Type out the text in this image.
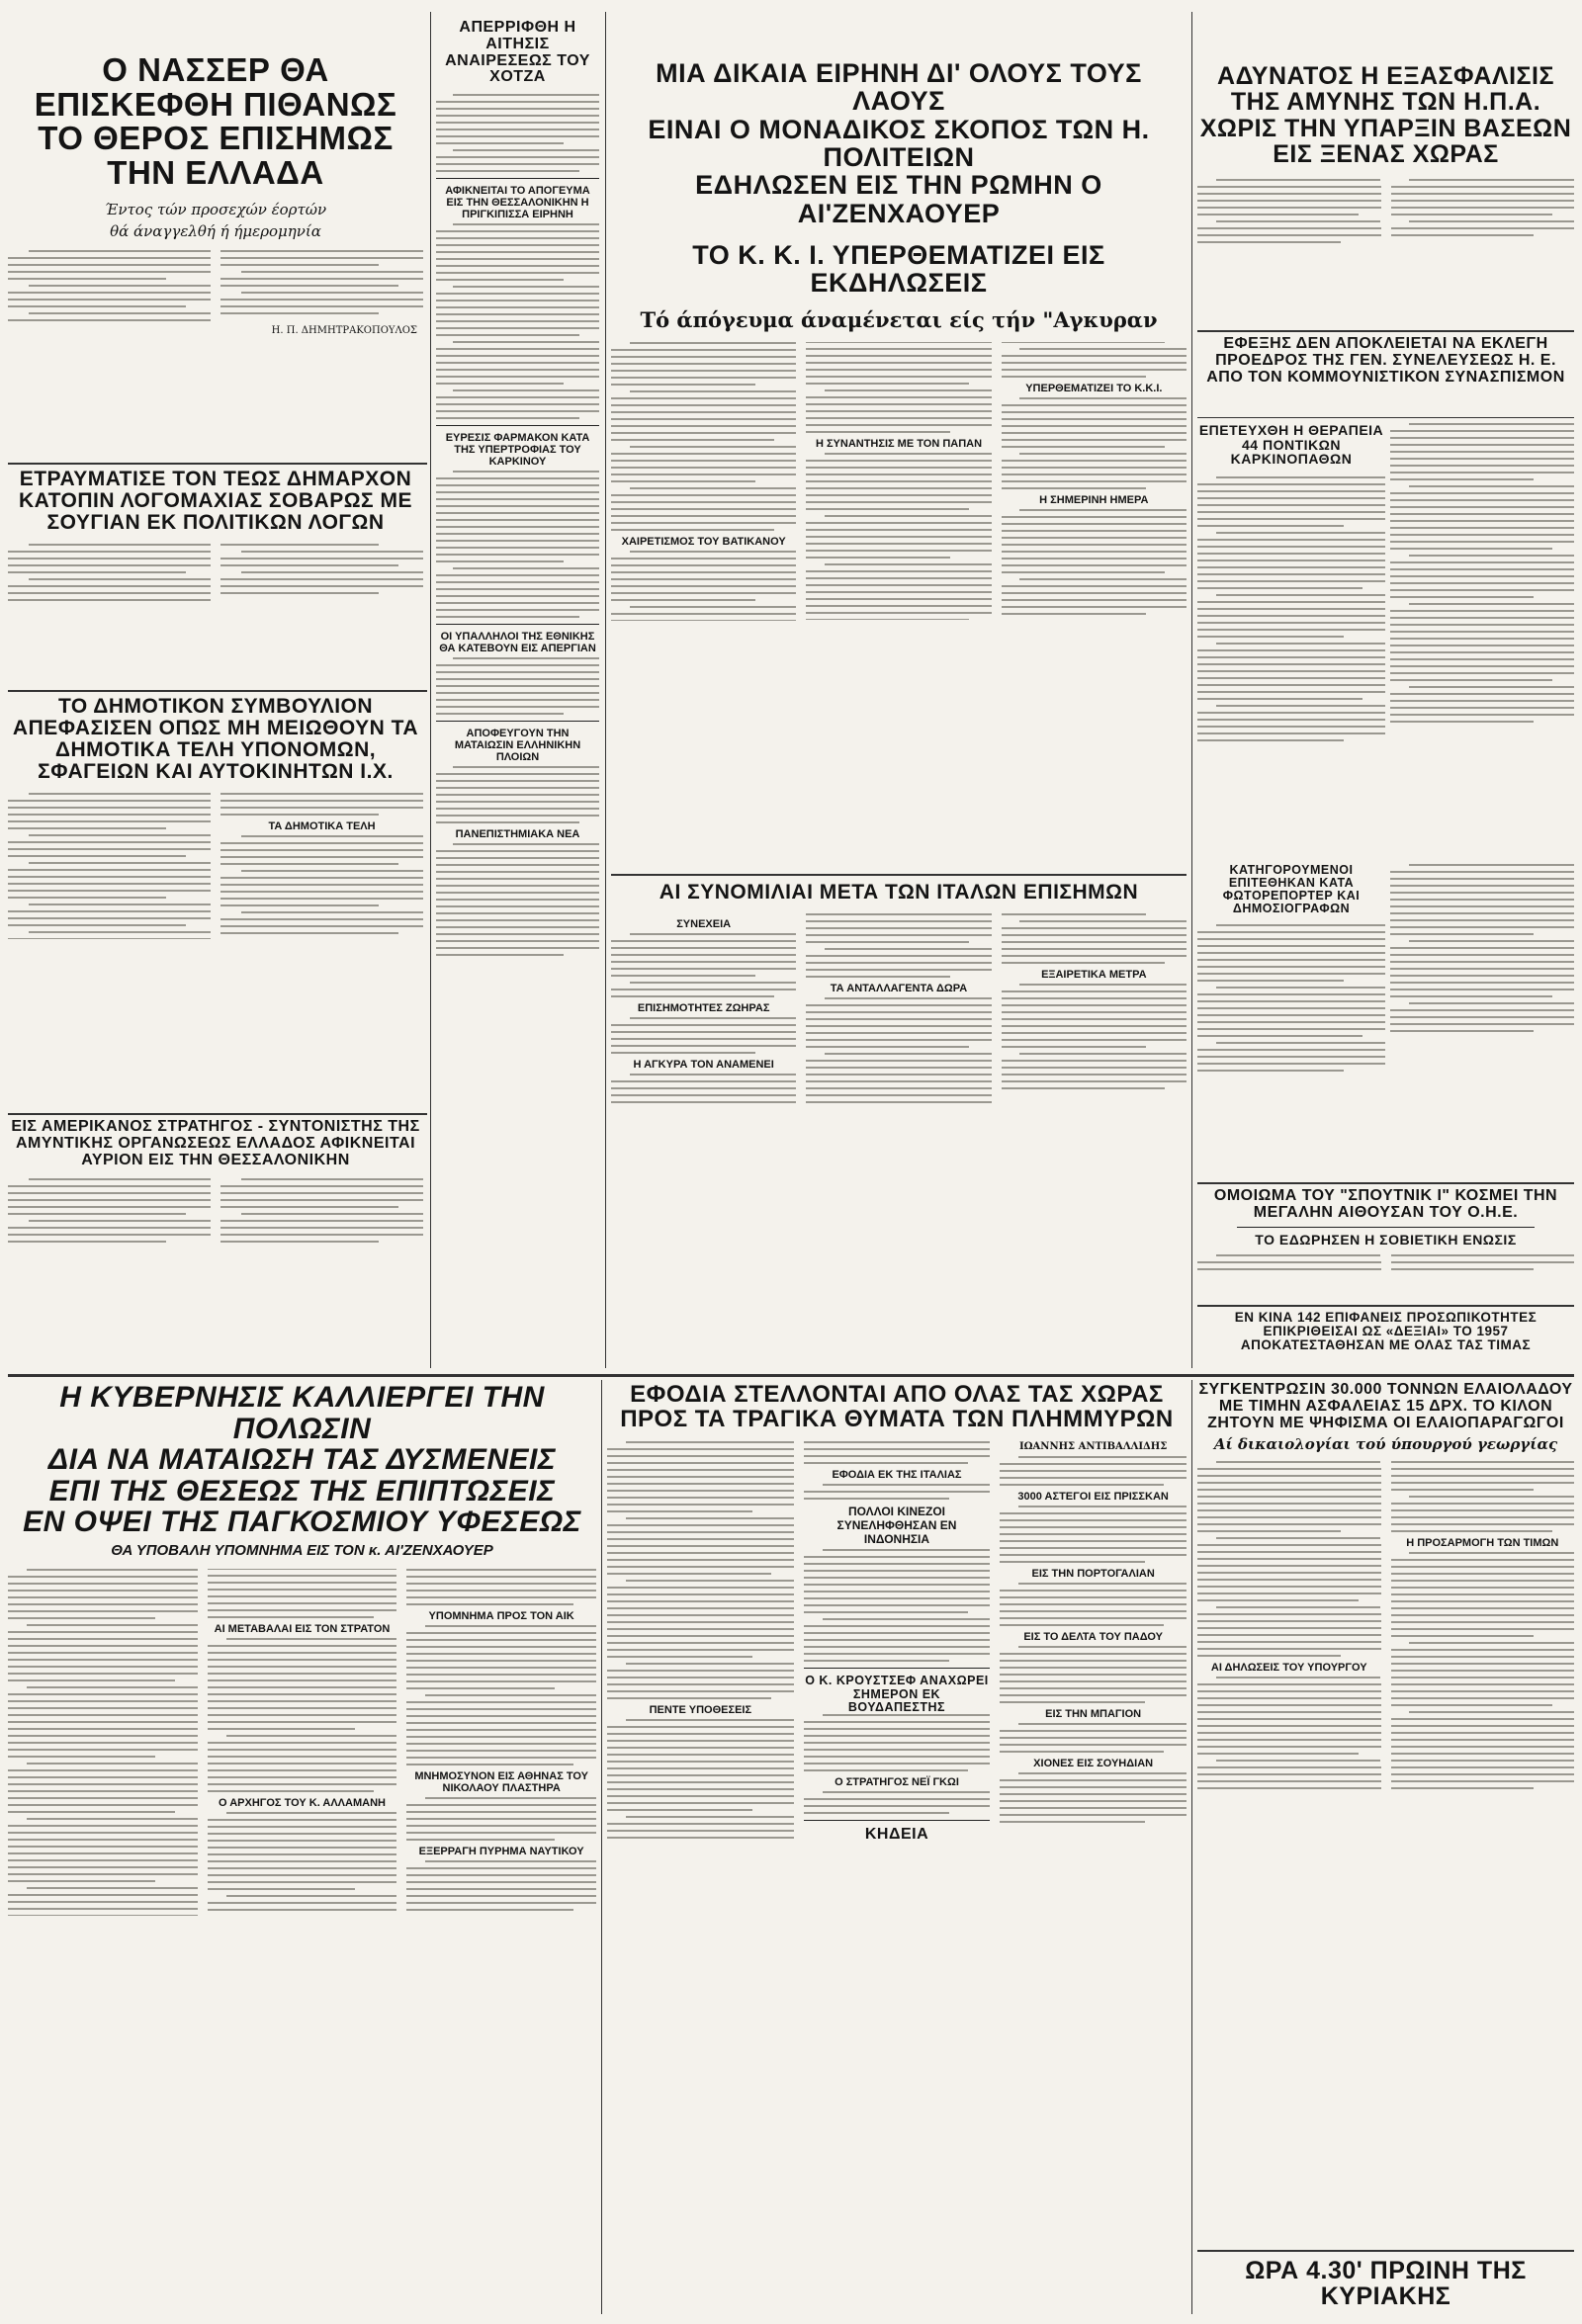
Ο ΝΑΣΣΕΡ ΘΑ ΕΠΙΣΚΕΦΘΗ ΠΙΘΑΝΩΣ ΤΟ ΘΕΡΟΣ ΕΠΙΣΗΜΩΣ ΤΗΝ ΕΛΛΑΔΑ
Έντος τών προσεχών έορτών
θά άναγγελθή ή ήμερομηνία
Η. Π. ΔΗΜΗΤΡΑΚΟΠΟΥΛΟΣ
ΕΤΡΑΥΜΑΤΙΣΕ ΤΟΝ ΤΕΩΣ ΔΗΜΑΡΧΟΝ ΚΑΤΟΠΙΝ ΛΟΓΟΜΑΧΙΑΣ ΣΟΒΑΡΩΣ ΜΕ ΣΟΥΓΙΑΝ ΕΚ ΠΟΛΙΤΙΚΩΝ ΛΟΓΩΝ
ΤΟ ΔΗΜΟΤΙΚΟΝ ΣΥΜΒΟΥΛΙΟΝ ΑΠΕΦΑΣΙΣΕΝ ΟΠΩΣ ΜΗ ΜΕΙΩΘΟΥΝ ΤΑ ΔΗΜΟΤΙΚΑ ΤΕΛΗ ΥΠΟΝΟΜΩΝ, ΣΦΑΓΕΙΩΝ ΚΑΙ ΑΥΤΟΚΙΝΗΤΩΝ Ι.Χ.
ΤΑ ΔΗΜΟΤΙΚΑ ΤΕΛΗ
ΕΙΣ ΑΜΕΡΙΚΑΝΟΣ ΣΤΡΑΤΗΓΟΣ - ΣΥΝΤΟΝΙΣΤΗΣ ΤΗΣ ΑΜΥΝΤΙΚΗΣ ΟΡΓΑΝΩΣΕΩΣ ΕΛΛΑΔΟΣ ΑΦΙΚΝΕΙΤΑΙ ΑΥΡΙΟΝ ΕΙΣ ΤΗΝ ΘΕΣΣΑΛΟΝΙΚΗΝ
ΑΠΕΡΡΙΦΘΗ Η ΑΙΤΗΣΙΣ ΑΝΑΙΡΕΣΕΩΣ ΤΟΥ ΧΟΤΖΑ
ΑΦΙΚΝΕΙΤΑΙ ΤΟ ΑΠΟΓΕΥΜΑ ΕΙΣ ΤΗΝ ΘΕΣΣΑΛΟΝΙΚΗΝ Η ΠΡΙΓΚΙΠΙΣΣΑ ΕΙΡΗΝΗ
ΕΥΡΕΣΙΣ ΦΑΡΜΑΚΟΝ ΚΑΤΑ ΤΗΣ ΥΠΕΡΤΡΟΦΙΑΣ ΤΟΥ ΚΑΡΚΙΝΟΥ
ΟΙ ΥΠΑΛΛΗΛΟΙ ΤΗΣ ΕΘΝΙΚΗΣ ΘΑ ΚΑΤΕΒΟΥΝ ΕΙΣ ΑΠΕΡΓΙΑΝ
ΑΠΟΦΕΥΓΟΥΝ ΤΗΝ ΜΑΤΑΙΩΣΙΝ ΕΛΛΗΝΙΚΗΝ ΠΛΟΙΩΝ
ΠΑΝΕΠΙΣΤΗΜΙΑΚΑ ΝΕΑ
ΜΙΑ ΔΙΚΑΙΑ ΕΙΡΗΝΗ ΔΙ' ΟΛΟΥΣ ΤΟΥΣ ΛΑΟΥΣ
ΕΙΝΑΙ Ο ΜΟΝΑΔΙΚΟΣ ΣΚΟΠΟΣ ΤΩΝ Η. ΠΟΛΙΤΕΙΩΝ
ΕΔΗΛΩΣΕΝ ΕΙΣ ΤΗΝ ΡΩΜΗΝ Ο ΑΙ'ΖΕΝΧΑΟΥΕΡ
ΤΟ Κ. Κ. Ι. ΥΠΕΡΘΕΜΑΤΙΖΕΙ ΕΙΣ ΕΚΔΗΛΩΣΕΙΣ
Τό άπόγευμα άναμένεται είς τήν "Αγκυραν
ΧΑΙΡΕΤΙΣΜΟΣ ΤΟΥ ΒΑΤΙΚΑΝΟΥ
Η ΣΥΝΑΝΤΗΣΙΣ ΜΕ ΤΟΝ ΠΑΠΑΝ
ΥΠΕΡΘΕΜΑΤΙΖΕΙ ΤΟ Κ.Κ.Ι.
Η ΣΗΜΕΡΙΝΗ ΗΜΕΡΑ
ΑΙ ΣΥΝΟΜΙΛΙΑΙ ΜΕΤΑ ΤΩΝ ΙΤΑΛΩΝ ΕΠΙΣΗΜΩΝ
ΣΥΝΕΧΕΙΑ
ΕΠΙΣΗΜΟΤΗΤΕΣ ΖΩΗΡΑΣ
Η ΑΓΚΥΡΑ ΤΟΝ ΑΝΑΜΕΝΕΙ
ΤΑ ΑΝΤΑΛΛΑΓΕΝΤΑ ΔΩΡΑ
ΕΞΑΙΡΕΤΙΚΑ ΜΕΤΡΑ
ΑΔΥΝΑΤΟΣ Η ΕΞΑΣΦΑΛΙΣΙΣ ΤΗΣ ΑΜΥΝΗΣ ΤΩΝ Η.Π.Α. ΧΩΡΙΣ ΤΗΝ ΥΠΑΡΞΙΝ ΒΑΣΕΩΝ ΕΙΣ ΞΕΝΑΣ ΧΩΡΑΣ
ΕΦΕΞΗΣ ΔΕΝ ΑΠΟΚΛΕΙΕΤΑΙ ΝΑ ΕΚΛΕΓΗ ΠΡΟΕΔΡΟΣ ΤΗΣ ΓΕΝ. ΣΥΝΕΛΕΥΣΕΩΣ Η. Ε. ΑΠΟ ΤΟΝ ΚΟΜΜΟΥΝΙΣΤΙΚΟΝ ΣΥΝΑΣΠΙΣΜΟΝ
ΕΠΕΤΕΥΧΘΗ Η ΘΕΡΑΠΕΙΑ 44 ΠΟΝΤΙΚΩΝ ΚΑΡΚΙΝΟΠΑΘΩΝ
ΚΑΤΗΓΟΡΟΥΜΕΝΟΙ ΕΠΙΤΕΘΗΚΑΝ ΚΑΤΑ ΦΩΤΟΡΕΠΟΡΤΕΡ ΚΑΙ ΔΗΜΟΣΙΟΓΡΑΦΩΝ
ΟΜΟΙΩΜΑ ΤΟΥ "ΣΠΟΥΤΝΙΚ Ι" ΚΟΣΜΕΙ ΤΗΝ ΜΕΓΑΛΗΝ ΑΙΘΟΥΣΑΝ ΤΟΥ Ο.Η.Ε.
ΤΟ ΕΔΩΡΗΣΕΝ Η ΣΟΒΙΕΤΙΚΗ ΕΝΩΣΙΣ
ΕΝ ΚΙΝΑ 142 ΕΠΙΦΑΝΕΙΣ ΠΡΟΣΩΠΙΚΟΤΗΤΕΣ ΕΠΙΚΡΙΘΕΙΣΑΙ ΩΣ «ΔΕΞΙΑΙ» ΤΟ 1957 ΑΠΟΚΑΤΕΣΤΑΘΗΣΑΝ ΜΕ ΟΛΑΣ ΤΑΣ ΤΙΜΑΣ
Η ΚΥΒΕΡΝΗΣΙΣ ΚΑΛΛΙΕΡΓΕΙ ΤΗΝ ΠΟΛΩΣΙΝ
ΔΙΑ ΝΑ ΜΑΤΑΙΩΣΗ ΤΑΣ ΔΥΣΜΕΝΕΙΣ
ΕΠΙ ΤΗΣ ΘΕΣΕΩΣ ΤΗΣ ΕΠΙΠΤΩΣΕΙΣ
ΕΝ ΟΨΕΙ ΤΗΣ ΠΑΓΚΟΣΜΙΟΥ ΥΦΕΣΕΩΣ
ΘΑ ΥΠΟΒΑΛΗ ΥΠΟΜΝΗΜΑ ΕΙΣ ΤΟΝ κ. ΑΙ'ΖΕΝΧΑΟΥΕΡ
ΑΙ ΜΕΤΑΒΑΛΑΙ ΕΙΣ ΤΟΝ ΣΤΡΑΤΟΝ
Ο ΑΡΧΗΓΟΣ ΤΟΥ Κ. ΑΛΛΑΜΑΝΗ
ΥΠΟΜΝΗΜΑ ΠΡΟΣ ΤΟΝ ΑΙΚ
ΜΝΗΜΟΣΥΝΟΝ ΕΙΣ ΑΘΗΝΑΣ ΤΟΥ ΝΙΚΟΛΑΟΥ ΠΛΑΣΤΗΡΑ
ΕΞΕΡΡΑΓΗ ΠΥΡΗΜΑ ΝΑΥΤΙΚΟΥ
ΕΦΟΔΙΑ ΣΤΕΛΛΟΝΤΑΙ ΑΠΟ ΟΛΑΣ ΤΑΣ ΧΩΡΑΣ
ΠΡΟΣ ΤΑ ΤΡΑΓΙΚΑ ΘΥΜΑΤΑ ΤΩΝ ΠΛΗΜΜΥΡΩΝ
ΠΕΝΤΕ ΥΠΟΘΕΣΕΙΣ
ΕΦΟΔΙΑ ΕΚ ΤΗΣ ΙΤΑΛΙΑΣ
ΠΟΛΛΟΙ ΚΙΝΕΖΟΙ ΣΥΝΕΛΗΦΘΗΣΑΝ ΕΝ ΙΝΔΟΝΗΣΙΑ
Ο Κ. ΚΡΟΥΣΤΣΕΦ ΑΝΑΧΩΡΕΙ ΣΗΜΕΡΟΝ ΕΚ ΒΟΥΔΑΠΕΣΤΗΣ
Ο ΣΤΡΑΤΗΓΟΣ ΝΕΪ ΓΚΩΙ
ΚΗΔΕΙΑ
ΙΩΑΝΝΗΣ ΑΝΤΙΒΑΛΛΙΔΗΣ
3000 ΑΣΤΕΓΟΙ ΕΙΣ ΠΡΙΣΣΚΑΝ
ΕΙΣ ΤΗΝ ΠΟΡΤΟΓΑΛΙΑΝ
ΕΙΣ ΤΟ ΔΕΛΤΑ ΤΟΥ ΠΑΔΟΥ
ΕΙΣ ΤΗΝ ΜΠΑΓΙΟΝ
ΧΙΟΝΕΣ ΕΙΣ ΣΟΥΗΔΙΑΝ
ΣΥΓΚΕΝΤΡΩΣΙΝ 30.000 ΤΟΝΝΩΝ ΕΛΑΙΟΛΑΔΟΥ ΜΕ ΤΙΜΗΝ ΑΣΦΑΛΕΙΑΣ 15 ΔΡΧ. ΤΟ ΚΙΛΟΝ ΖΗΤΟΥΝ ΜΕ ΨΗΦΙΣΜΑ ΟΙ ΕΛΑΙΟΠΑΡΑΓΩΓΟΙ
Αί δικαιολογίαι τού ύπουργού γεωργίας
ΑΙ ΔΗΛΩΣΕΙΣ ΤΟΥ ΥΠΟΥΡΓΟΥ
Η ΠΡΟΣΑΡΜΟΓΗ ΤΩΝ ΤΙΜΩΝ
ΩΡΑ 4.30' ΠΡΩΙΝΗ ΤΗΣ ΚΥΡΙΑΚΗΣ
